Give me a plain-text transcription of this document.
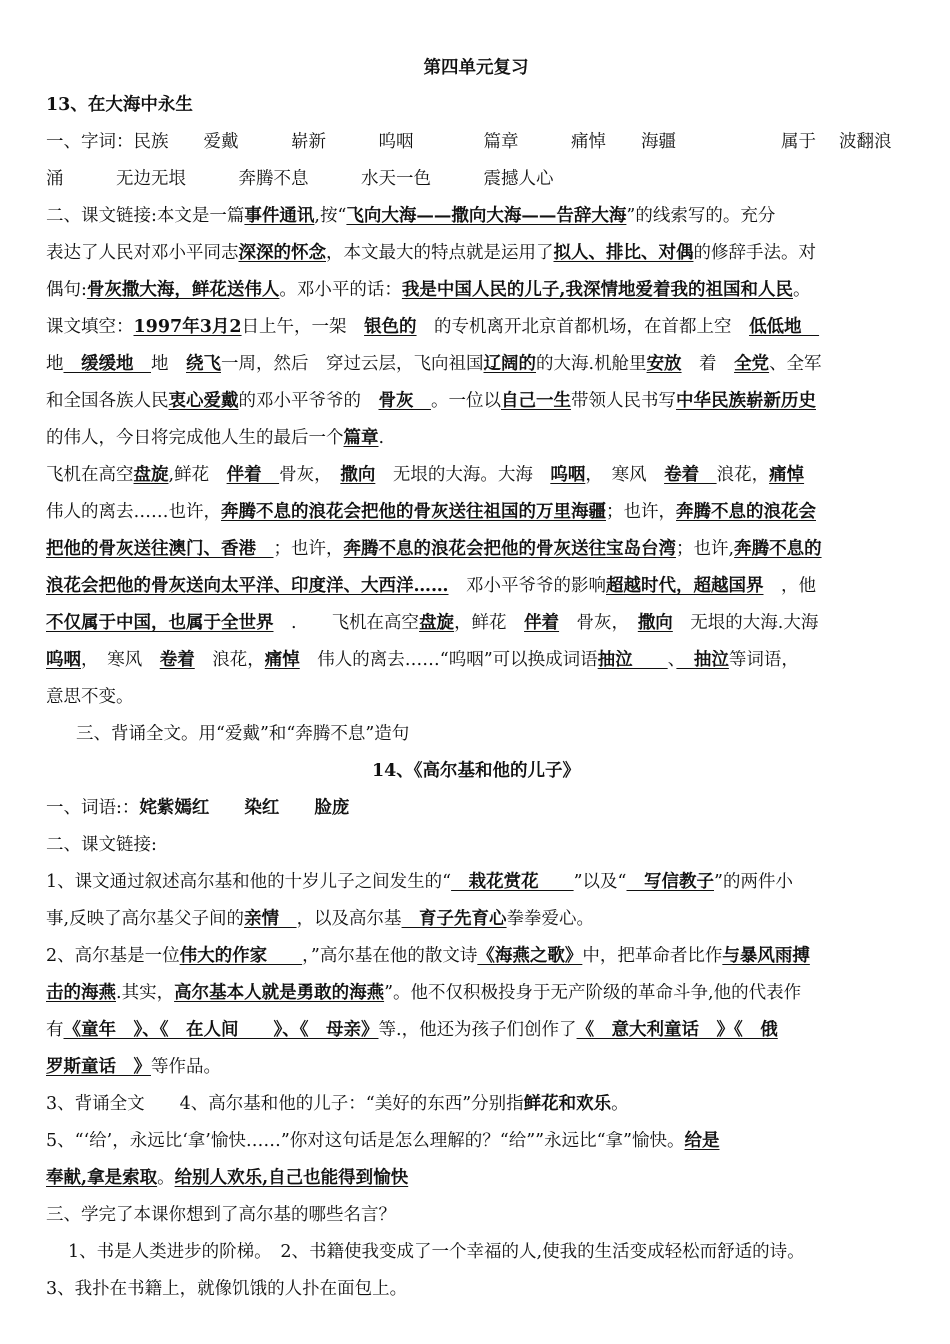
第四单元复习
13、在大海中永生
一、字词：民族　　爱戴　　　崭新　　　呜咽　　　　篇章　　　痛悼　　海疆　　　　　　属于　 波翻浪
涌　　　无边无垠　　　奔腾不息　　　水天一色　　　震撼人心
二、课文链接:本文是一篇事件通讯,按“飞向大海——撒向大海——告辞大海”的线索写的。充分
表达了人民对邓小平同志深深的怀念，本文最大的特点就是运用了拟人、排比、对偶的修辞手法。对
偶句:骨灰撒大海，鲜花送伟人。邓小平的话：我是中国人民的儿子,我深情地爱着我的祖国和人民。
课文填空：1997年3月2日上午，一架　银色的　的专机离开北京首都机场，在首都上空　低低地　
地　缓缓地　地　绕飞一周，然后　穿过云层，飞向祖国辽阔的的大海.机舱里安放　着　全党、全军
和全国各族人民衷心爱戴的邓小平爷爷的　骨灰　。一位以自己一生带领人民书写中华民族崭新历史
的伟人，今日将完成他人生的最后一个篇章.
飞机在高空盘旋,鲜花　伴着　骨灰，　撒向　无垠的大海。大海　呜咽，　寒风　卷着　浪花，痛悼
伟人的离去……也许，奔腾不息的浪花会把他的骨灰送往祖国的万里海疆；也许，奔腾不息的浪花会
把他的骨灰送往澳门、香港　；也许，奔腾不息的浪花会把他的骨灰送往宝岛台湾；也许,奔腾不息的
浪花会把他的骨灰送向太平洋、印度洋、大西洋……　邓小平爷爷的影响超越时代，超越国界　，他
不仅属于中国，也属于全世界　.　　飞机在高空盘旋，鲜花　伴着　骨灰，　撒向　无垠的大海.大海
呜咽，　寒风　卷着　浪花，痛悼　伟人的离去……“呜咽”可以换成词语抽泣　　、　抽泣等词语，
意思不变。
三、背诵全文。用“爱戴”和“奔腾不息”造句
14、《高尔基和他的儿子》
一、词语:：姹紫嫣红　　染红　　脸庞
二、课文链接:
1、课文通过叙述高尔基和他的十岁儿子之间发生的“　栽花赏花　　”以及“　写信教子”的两件小
事,反映了高尔基父子间的亲情　，以及高尔基　育子先育心拳拳爱心。
2、高尔基是一位伟大的作家　　，”高尔基在他的散文诗《海燕之歌》中，把革命者比作与暴风雨搏
击的海燕.其实，高尔基本人就是勇敢的海燕”。他不仅积极投身于无产阶级的革命斗争,他的代表作
有《童年　》、《　在人间　　》、《　母亲》等.，他还为孩子们创作了《　意大利童话　》《　俄
罗斯童话　》等作品。
3、背诵全文　　4、高尔基和他的儿子：“美好的东西”分别指鲜花和欢乐。
5、“‘给’，永远比‘拿’愉快……”你对这句话是怎么理解的？“给””永远比“拿”愉快。给是
奉献,拿是索取。给别人欢乐,自己也能得到愉快
三、学完了本课你想到了高尔基的哪些名言？
1、书是人类进步的阶梯。　2、书籍使我变成了一个幸福的人,使我的生活变成轻松而舒适的诗。
3、我扑在书籍上，就像饥饿的人扑在面包上。
